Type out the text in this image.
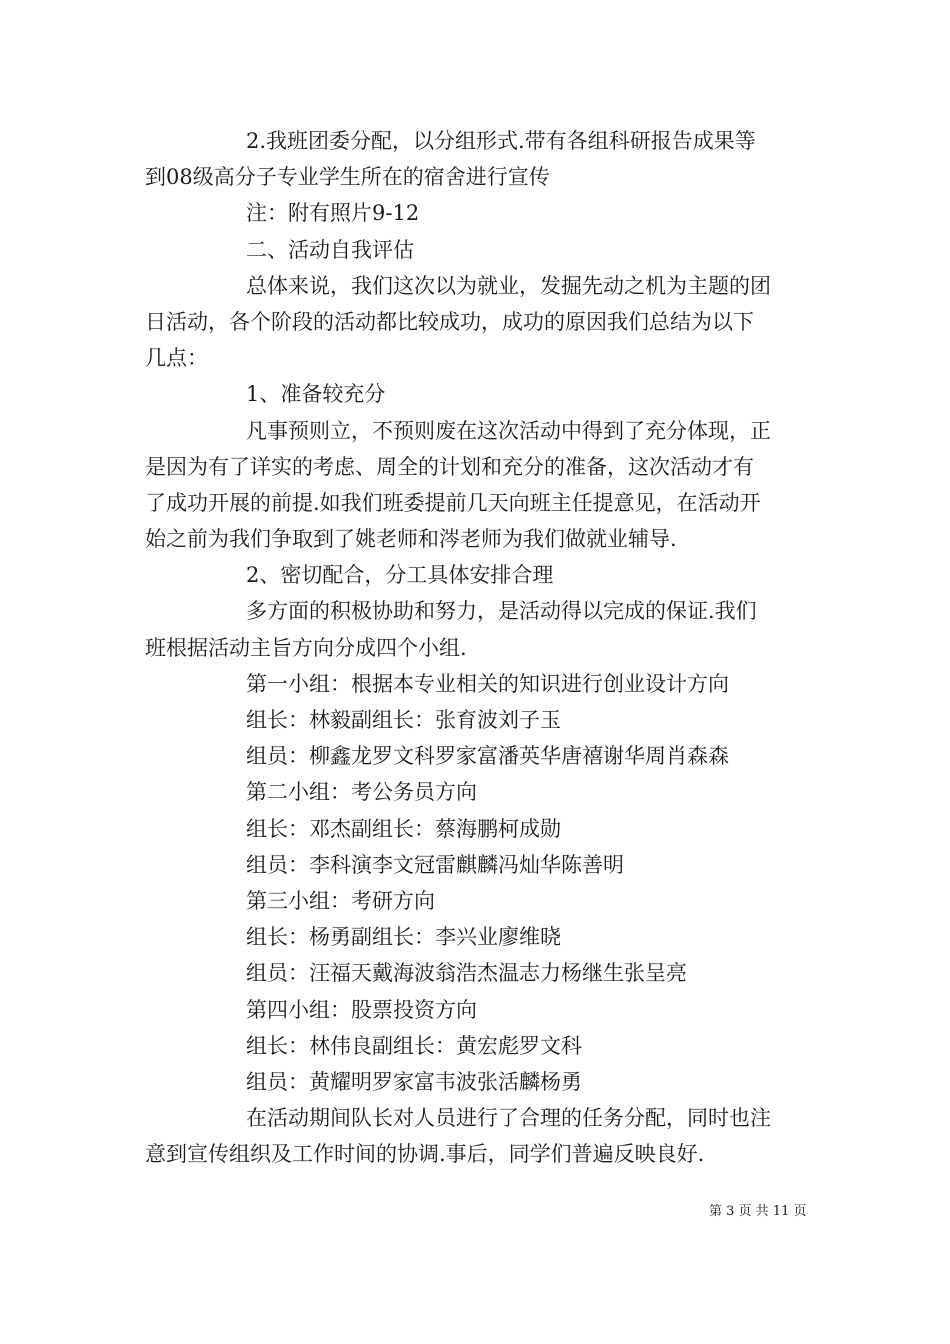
2.我班团委分配，以分组形式.带有各组科研报告成果等

到08级高分子专业学生所在的宿舍进行宣传

注：附有照片9-12

二、活动自我评估

总体来说，我们这次以为就业，发掘先动之机为主题的团

日活动，各个阶段的活动都比较成功，成功的原因我们总结为以下

几点：

1、准备较充分

凡事预则立，不预则废在这次活动中得到了充分体现，正

是因为有了详实的考虑、周全的计划和充分的准备，这次活动才有

了成功开展的前提.如我们班委提前几天向班主任提意见，在活动开

始之前为我们争取到了姚老师和涔老师为我们做就业辅导.

2、密切配合，分工具体安排合理

多方面的积极协助和努力，是活动得以完成的保证.我们

班根据活动主旨方向分成四个小组.

第一小组：根据本专业相关的知识进行创业设计方向

组长：林毅副组长：张育波刘子玉

组员：柳鑫龙罗文科罗家富潘英华唐禧谢华周肖森森

第二小组：考公务员方向

组长：邓杰副组长：蔡海鹏柯成勋

组员：李科演李文冠雷麒麟冯灿华陈善明

第三小组：考研方向

组长：杨勇副组长：李兴业廖维晓

组员：汪福天戴海波翁浩杰温志力杨继生张呈亮

第四小组：股票投资方向

组长：林伟良副组长：黄宏彪罗文科

组员：黄耀明罗家富韦波张活麟杨勇

在活动期间队长对人员进行了合理的任务分配，同时也注

意到宣传组织及工作时间的协调.事后，同学们普遍反映良好.

第 3 页 共 11 页
